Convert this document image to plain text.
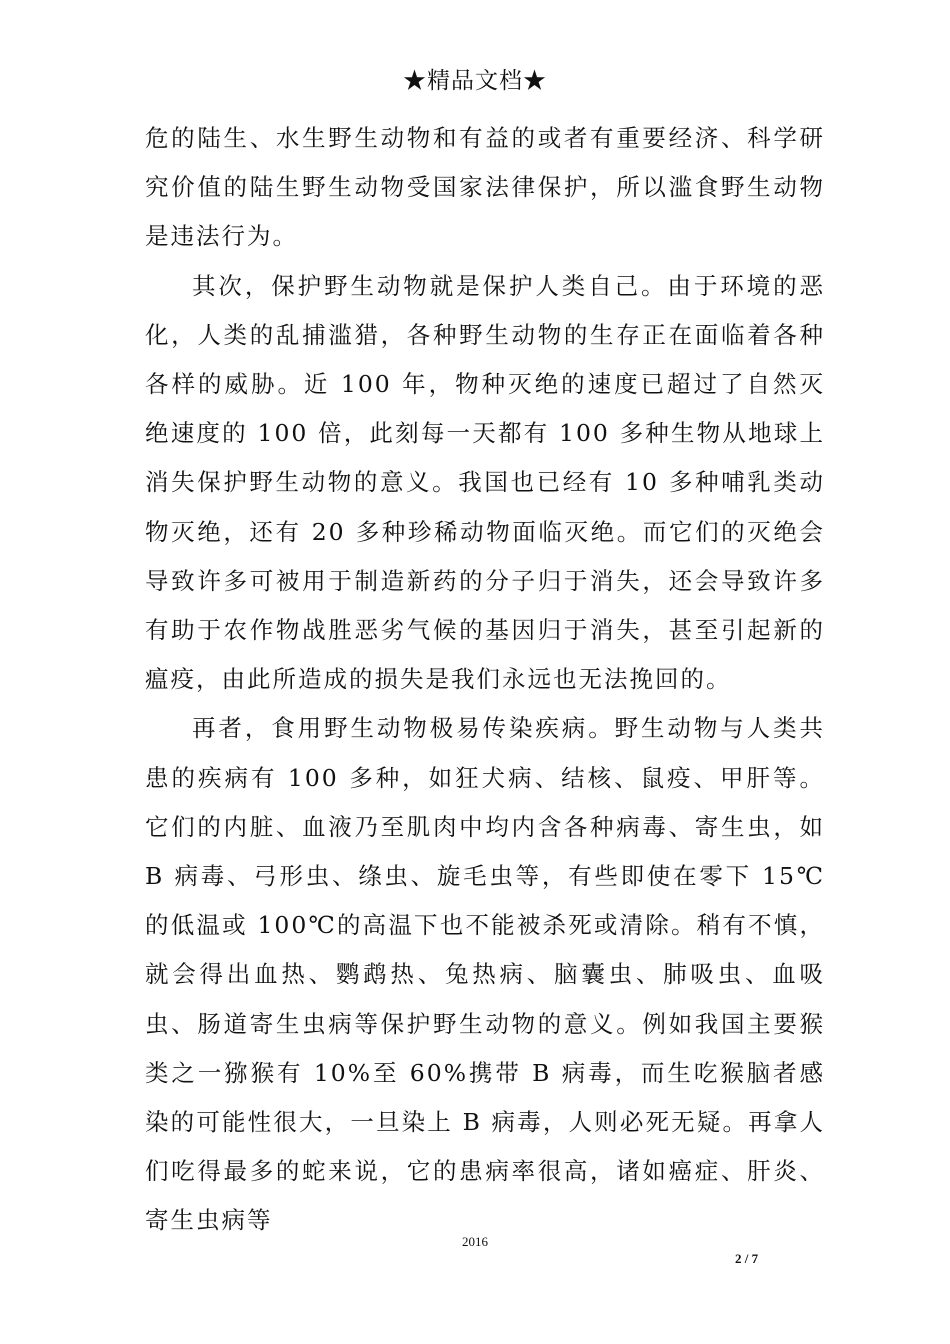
★精品文档★

危的陆生、水生野生动物和有益的或者有重要经济、科学研究价值的陆生野生动物受国家法律保护，所以滥食野生动物是违法行为。

其次，保护野生动物就是保护人类自己。由于环境的恶化，人类的乱捕滥猎，各种野生动物的生存正在面临着各种各样的威胁。近 100 年，物种灭绝的速度已超过了自然灭绝速度的 100 倍，此刻每一天都有 100 多种生物从地球上消失保护野生动物的意义。我国也已经有 10 多种哺乳类动物灭绝，还有 20 多种珍稀动物面临灭绝。而它们的灭绝会导致许多可被用于制造新药的分子归于消失，还会导致许多有助于农作物战胜恶劣气候的基因归于消失，甚至引起新的瘟疫，由此所造成的损失是我们永远也无法挽回的。

再者，食用野生动物极易传染疾病。野生动物与人类共患的疾病有 100 多种，如狂犬病、结核、鼠疫、甲肝等。它们的内脏、血液乃至肌肉中均内含各种病毒、寄生虫，如 B 病毒、弓形虫、绦虫、旋毛虫等，有些即使在零下 15℃的低温或 100℃的高温下也不能被杀死或清除。稍有不慎，就会得出血热、鹦鹉热、兔热病、脑囊虫、肺吸虫、血吸虫、肠道寄生虫病等保护野生动物的意义。例如我国主要猴类之一猕猴有 10%至 60%携带 B 病毒，而生吃猴脑者感染的可能性很大，一旦染上 B 病毒，人则必死无疑。再拿人们吃得最多的蛇来说，它的患病率很高，诸如癌症、肝炎、寄生虫病等

2016
2 / 7
